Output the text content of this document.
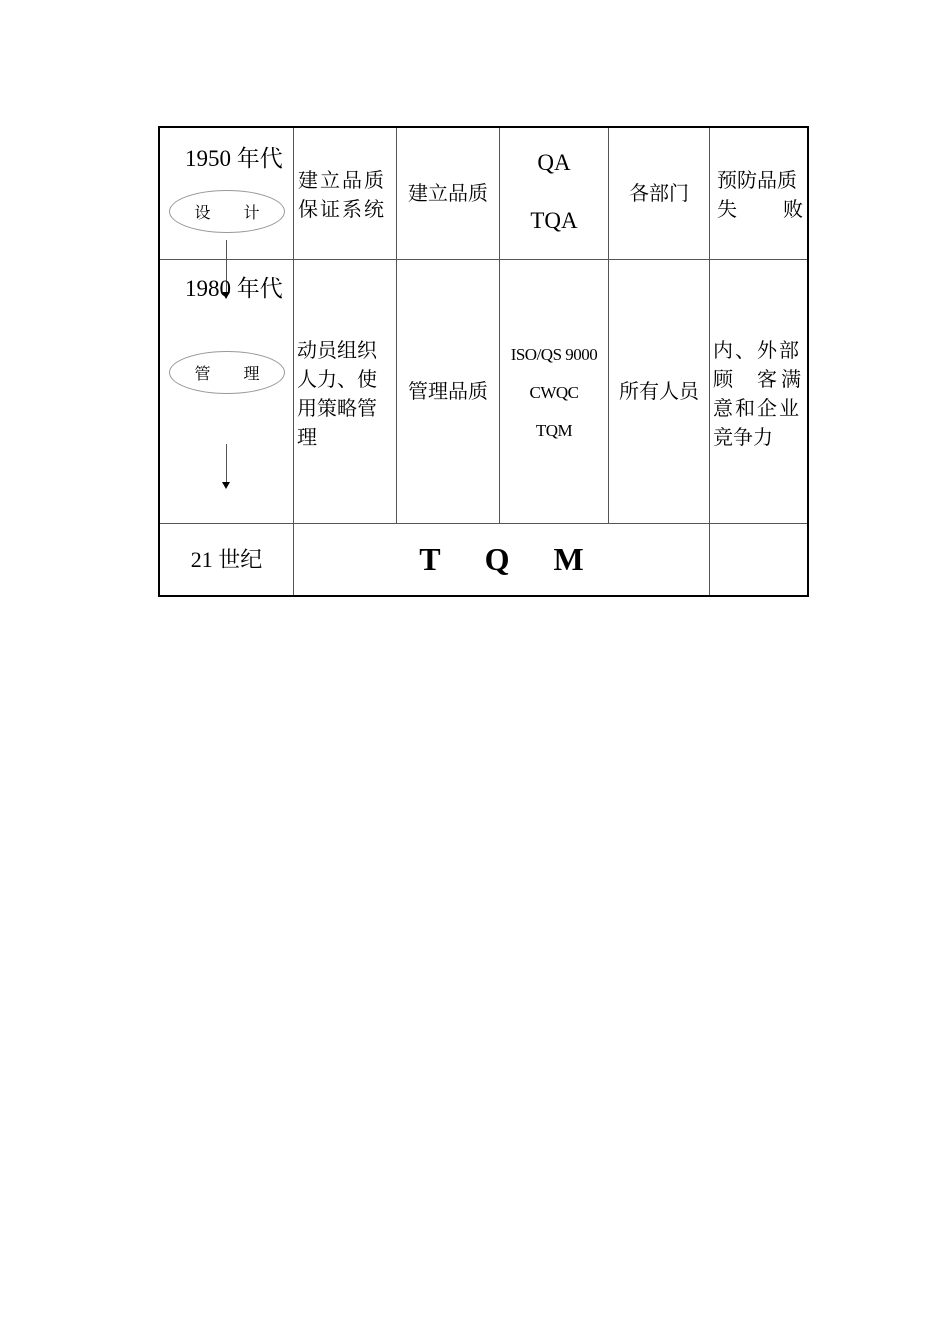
1950 年代
设 计
建立品质保证系统
建立品质
QA
TQA
各部门
预防品质
失 败
1980 年代
管 理
动员组织人力、使用策略管理
管理品质
ISO/QS 9000
CWQC
TQM
所有人员
内、外部
顾 客满
意和企业
竞争力
21 世纪	T Q M
